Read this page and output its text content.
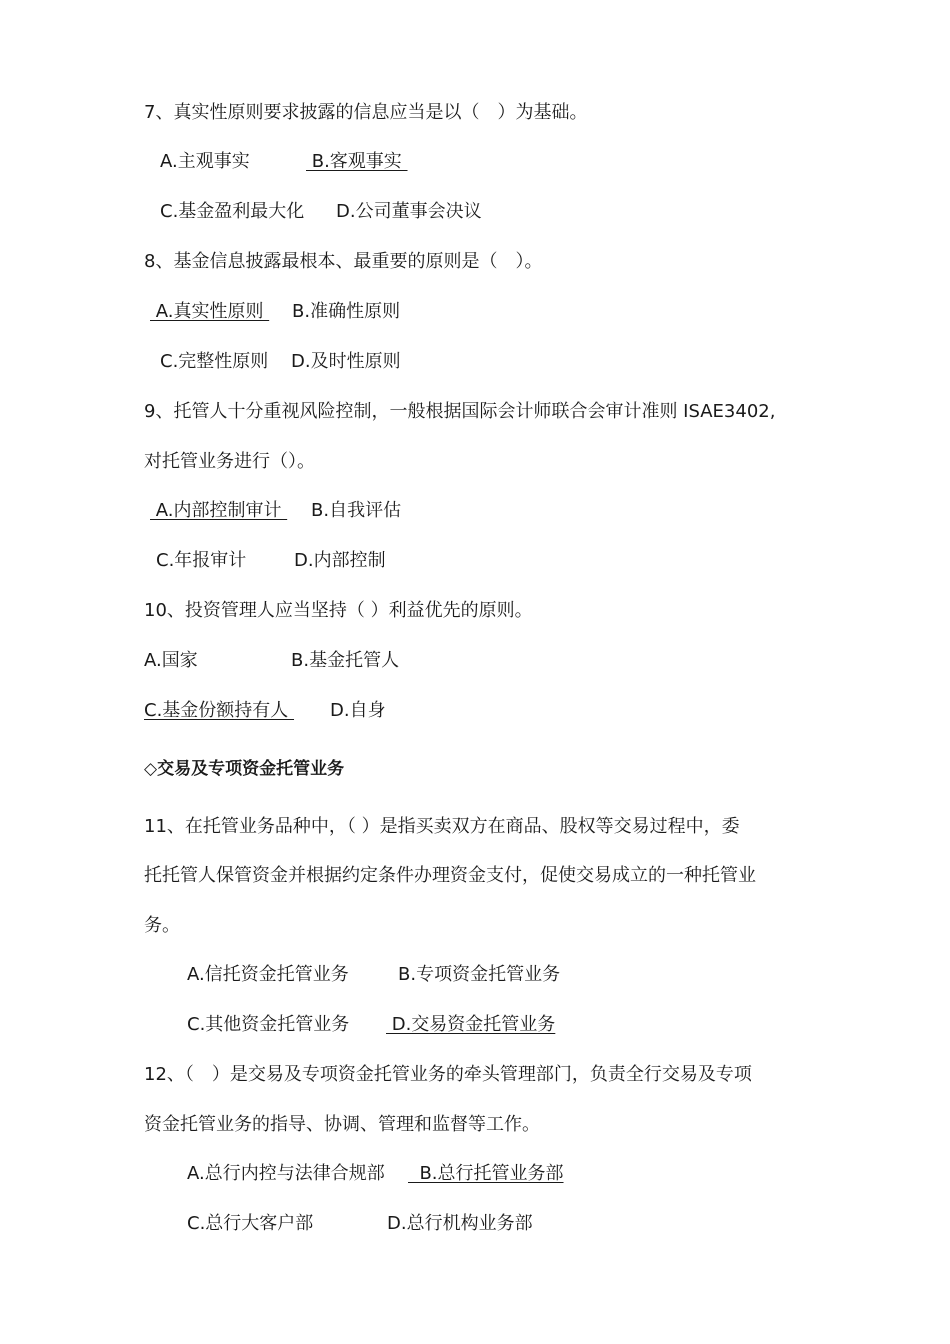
7、真实性原则要求披露的信息应当是以（　）为基础。
A.主观事实	B.客观事实
C.基金盈利最大化 D.公司董事会决议
8、基金信息披露最根本、最重要的原则是（　）。
A.真实性原则 B.准确性原则
C.完整性原则 D.及时性原则
9、托管人十分重视风险控制，一般根据国际会计师联合会审计准则 ISAE3402,
对托管业务进行（）。
A.内部控制审计 B.自我评估
C.年报审计	D.内部控制
10、投资管理人应当坚持（ ）利益优先的原则。
A.国家	B.基金托管人
C.基金份额持有人 D.自身
◇交易及专项资金托管业务
11、在托管业务品种中，（ ）是指买卖双方在商品、股权等交易过程中，委
托托管人保管资金并根据约定条件办理资金支付，促使交易成立的一种托管业
务。
A.信托资金托管业务	B.专项资金托管业务
C.其他资金托管业务 D.交易资金托管业务
12、（　）是交易及专项资金托管业务的牵头管理部门，负责全行交易及专项
资金托管业务的指导、协调、管理和监督等工作。
A.总行内控与法律合规部 B.总行托管业务部
C.总行大客户部	D.总行机构业务部
